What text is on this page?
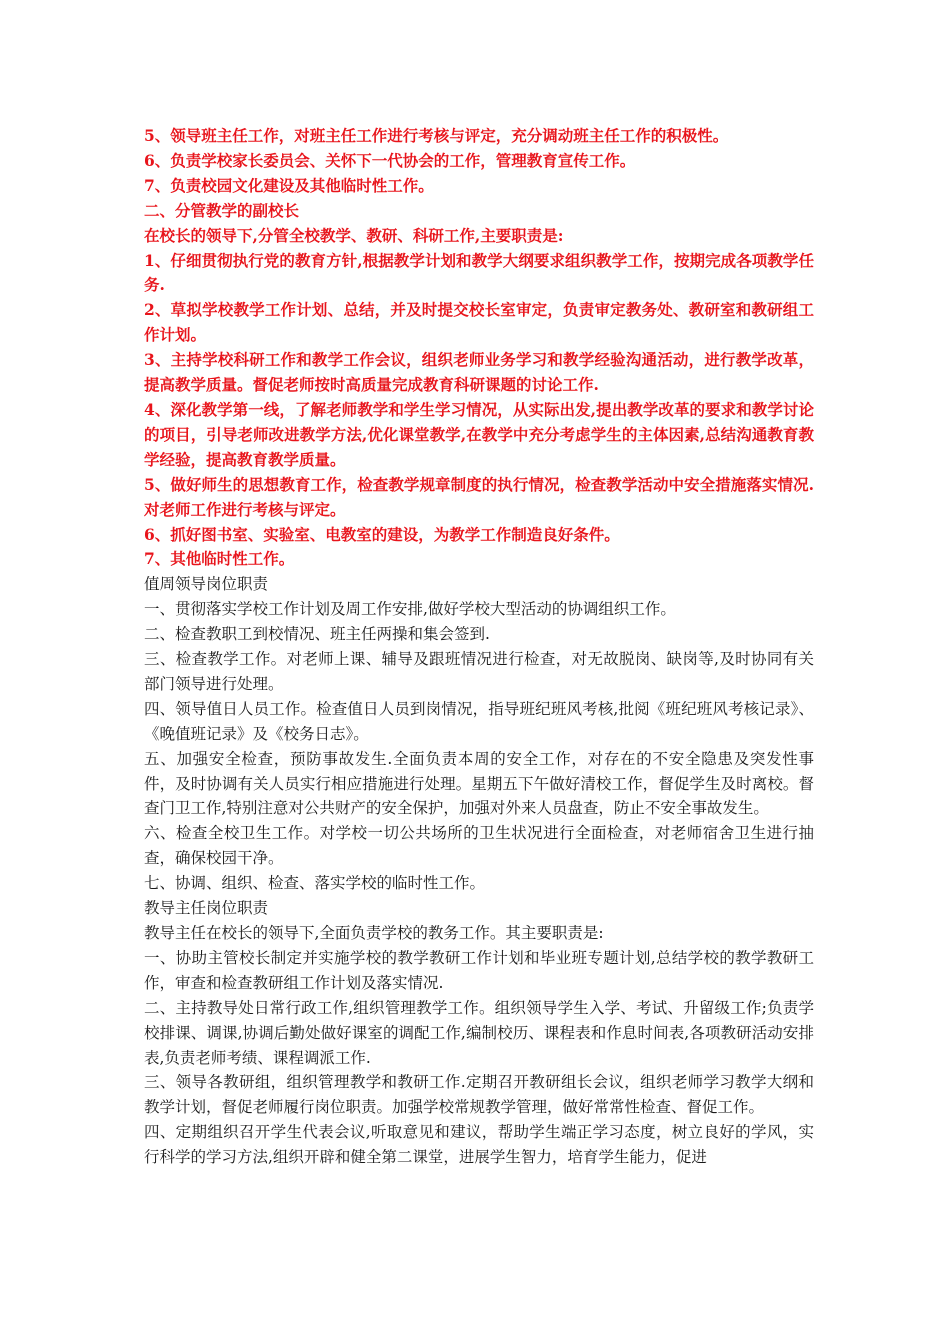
5、领导班主任工作，对班主任工作进行考核与评定，充分调动班主任工作的积极性。

6、负责学校家长委员会、关怀下一代协会的工作，管理教育宣传工作。

7、负责校园文化建设及其他临时性工作。

二、分管教学的副校长

在校长的领导下,分管全校教学、教研、科研工作,主要职责是:

1、仔细贯彻执行党的教育方针,根据教学计划和教学大纲要求组织教学工作，按期完成各项教学任务.

2、草拟学校教学工作计划、总结，并及时提交校长室审定，负责审定教务处、教研室和教研组工作计划。

3、主持学校科研工作和教学工作会议，组织老师业务学习和教学经验沟通活动，进行教学改革，提高教学质量。督促老师按时高质量完成教育科研课题的讨论工作.

4、深化教学第一线，了解老师教学和学生学习情况，从实际出发,提出教学改革的要求和教学讨论的项目，引导老师改进教学方法,优化课堂教学,在教学中充分考虑学生的主体因素,总结沟通教育教学经验，提高教育教学质量。

5、做好师生的思想教育工作，检查教学规章制度的执行情况，检查教学活动中安全措施落实情况.对老师工作进行考核与评定。

6、抓好图书室、实验室、电教室的建设，为教学工作制造良好条件。

7、其他临时性工作。

值周领导岗位职责

一、贯彻落实学校工作计划及周工作安排,做好学校大型活动的协调组织工作。

二、检查教职工到校情况、班主任两操和集会签到.

三、检查教学工作。对老师上课、辅导及跟班情况进行检查，对无故脱岗、缺岗等,及时协同有关部门领导进行处理。

四、领导值日人员工作。检查值日人员到岗情况，指导班纪班风考核,批阅《班纪班风考核记录》、《晚值班记录》及《校务日志》。

五、加强安全检查，预防事故发生.全面负责本周的安全工作，对存在的不安全隐患及突发性事件，及时协调有关人员实行相应措施进行处理。星期五下午做好清校工作，督促学生及时离校。督查门卫工作,特别注意对公共财产的安全保护，加强对外来人员盘查，防止不安全事故发生。

六、检查全校卫生工作。对学校一切公共场所的卫生状况进行全面检查，对老师宿舍卫生进行抽查，确保校园干净。

七、协调、组织、检查、落实学校的临时性工作。

教导主任岗位职责

教导主任在校长的领导下,全面负责学校的教务工作。其主要职责是:

一、协助主管校长制定并实施学校的教学教研工作计划和毕业班专题计划,总结学校的教学教研工作，审查和检查教研组工作计划及落实情况.

二、主持教导处日常行政工作,组织管理教学工作。组织领导学生入学、考试、升留级工作;负责学校排课、调课,协调后勤处做好课室的调配工作,编制校历、课程表和作息时间表,各项教研活动安排表,负责老师考绩、课程调派工作.

三、领导各教研组，组织管理教学和教研工作.定期召开教研组长会议，组织老师学习教学大纲和教学计划，督促老师履行岗位职责。加强学校常规教学管理，做好常常性检查、督促工作。

四、定期组织召开学生代表会议,听取意见和建议，帮助学生端正学习态度，树立良好的学风，实行科学的学习方法,组织开辟和健全第二课堂，进展学生智力，培育学生能力，促进
